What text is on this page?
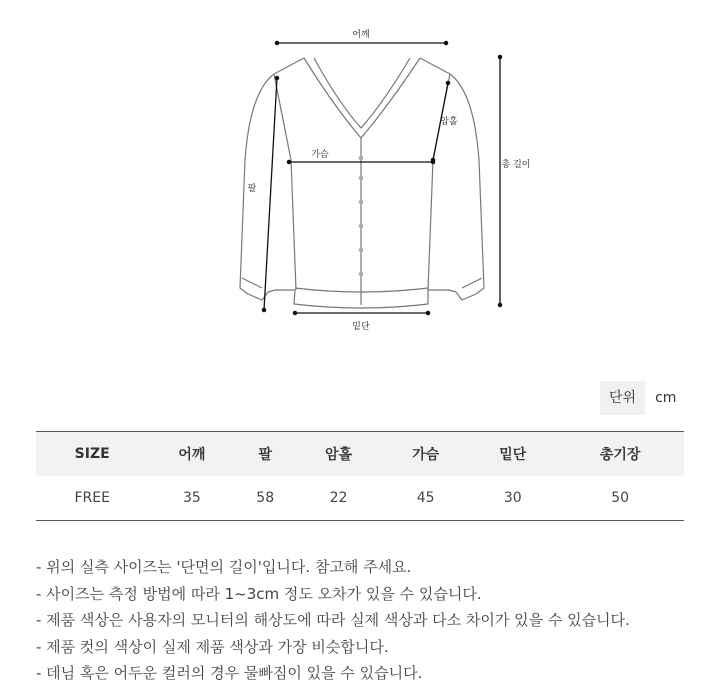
어깨
가슴
암홀
팔
총 길이
밑단
단위	cm
SIZE	어깨	팔	암홀	가슴	밑단	총기장
FREE	35	58	22	45	30	50
- 위의 실측 사이즈는 '단면의 길이'입니다. 참고해 주세요.
- 사이즈는 측정 방법에 따라 1~3cm 정도 오차가 있을 수 있습니다.
- 제품 색상은 사용자의 모니터의 해상도에 따라 실제 색상과 다소 차이가 있을 수 있습니다.
- 제품 컷의 색상이 실제 제품 색상과 가장 비슷합니다.
- 데님 혹은 어두운 컬러의 경우 물빠짐이 있을 수 있습니다.
